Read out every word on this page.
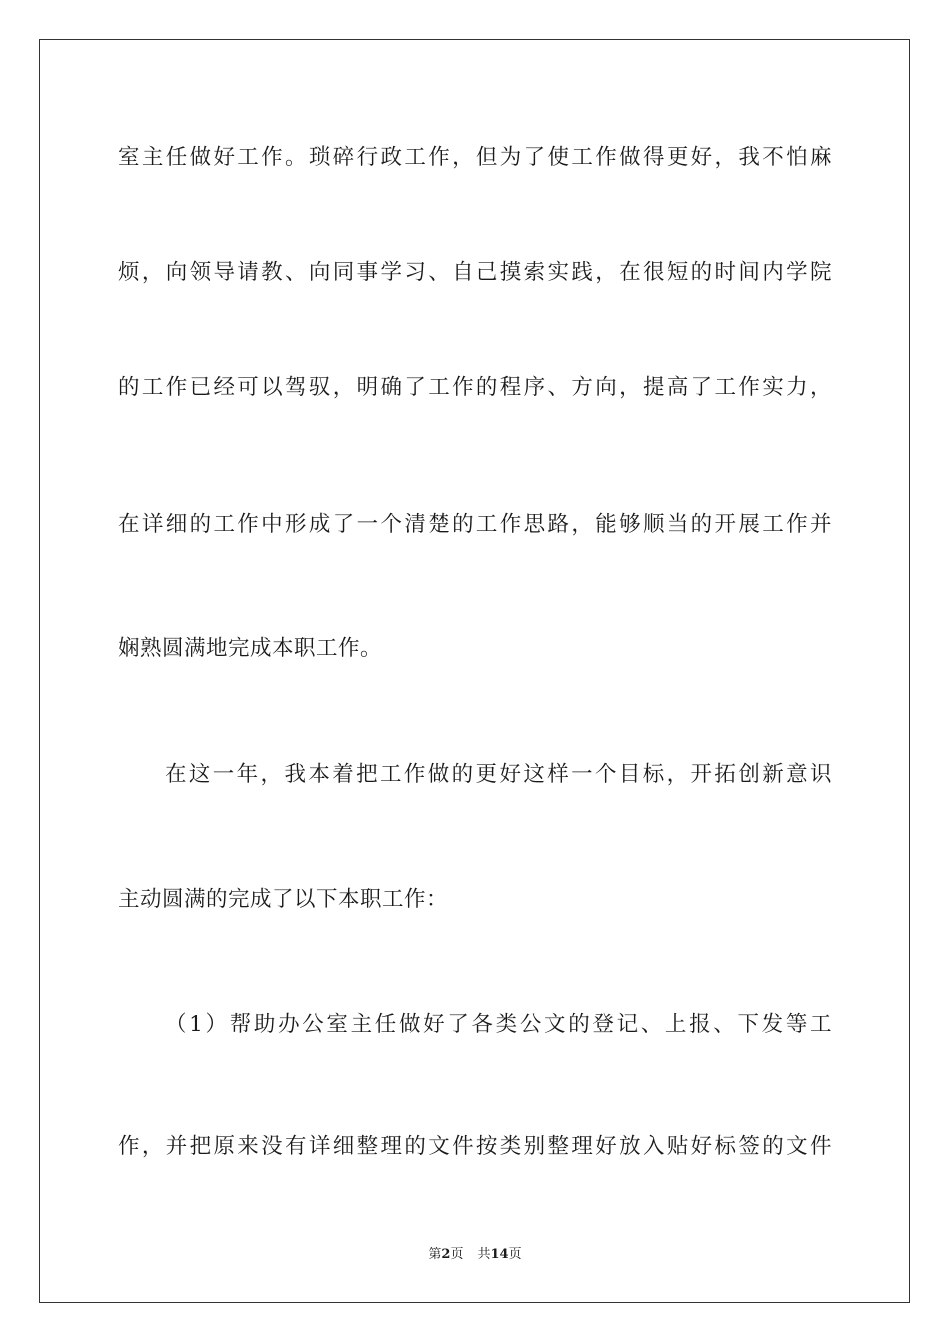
室主任做好工作。琐碎行政工作，但为了使工作做得更好，我不怕麻
烦，向领导请教、向同事学习、自己摸索实践，在很短的时间内学院
的工作已经可以驾驭，明确了工作的程序、方向，提高了工作实力，
在详细的工作中形成了一个清楚的工作思路，能够顺当的开展工作并
娴熟圆满地完成本职工作。
在这一年，我本着把工作做的更好这样一个目标，开拓创新意识
主动圆满的完成了以下本职工作：
（1）帮助办公室主任做好了各类公文的登记、上报、下发等工
作，并把原来没有详细整理的文件按类别整理好放入贴好标签的文件
第2页 共14页
